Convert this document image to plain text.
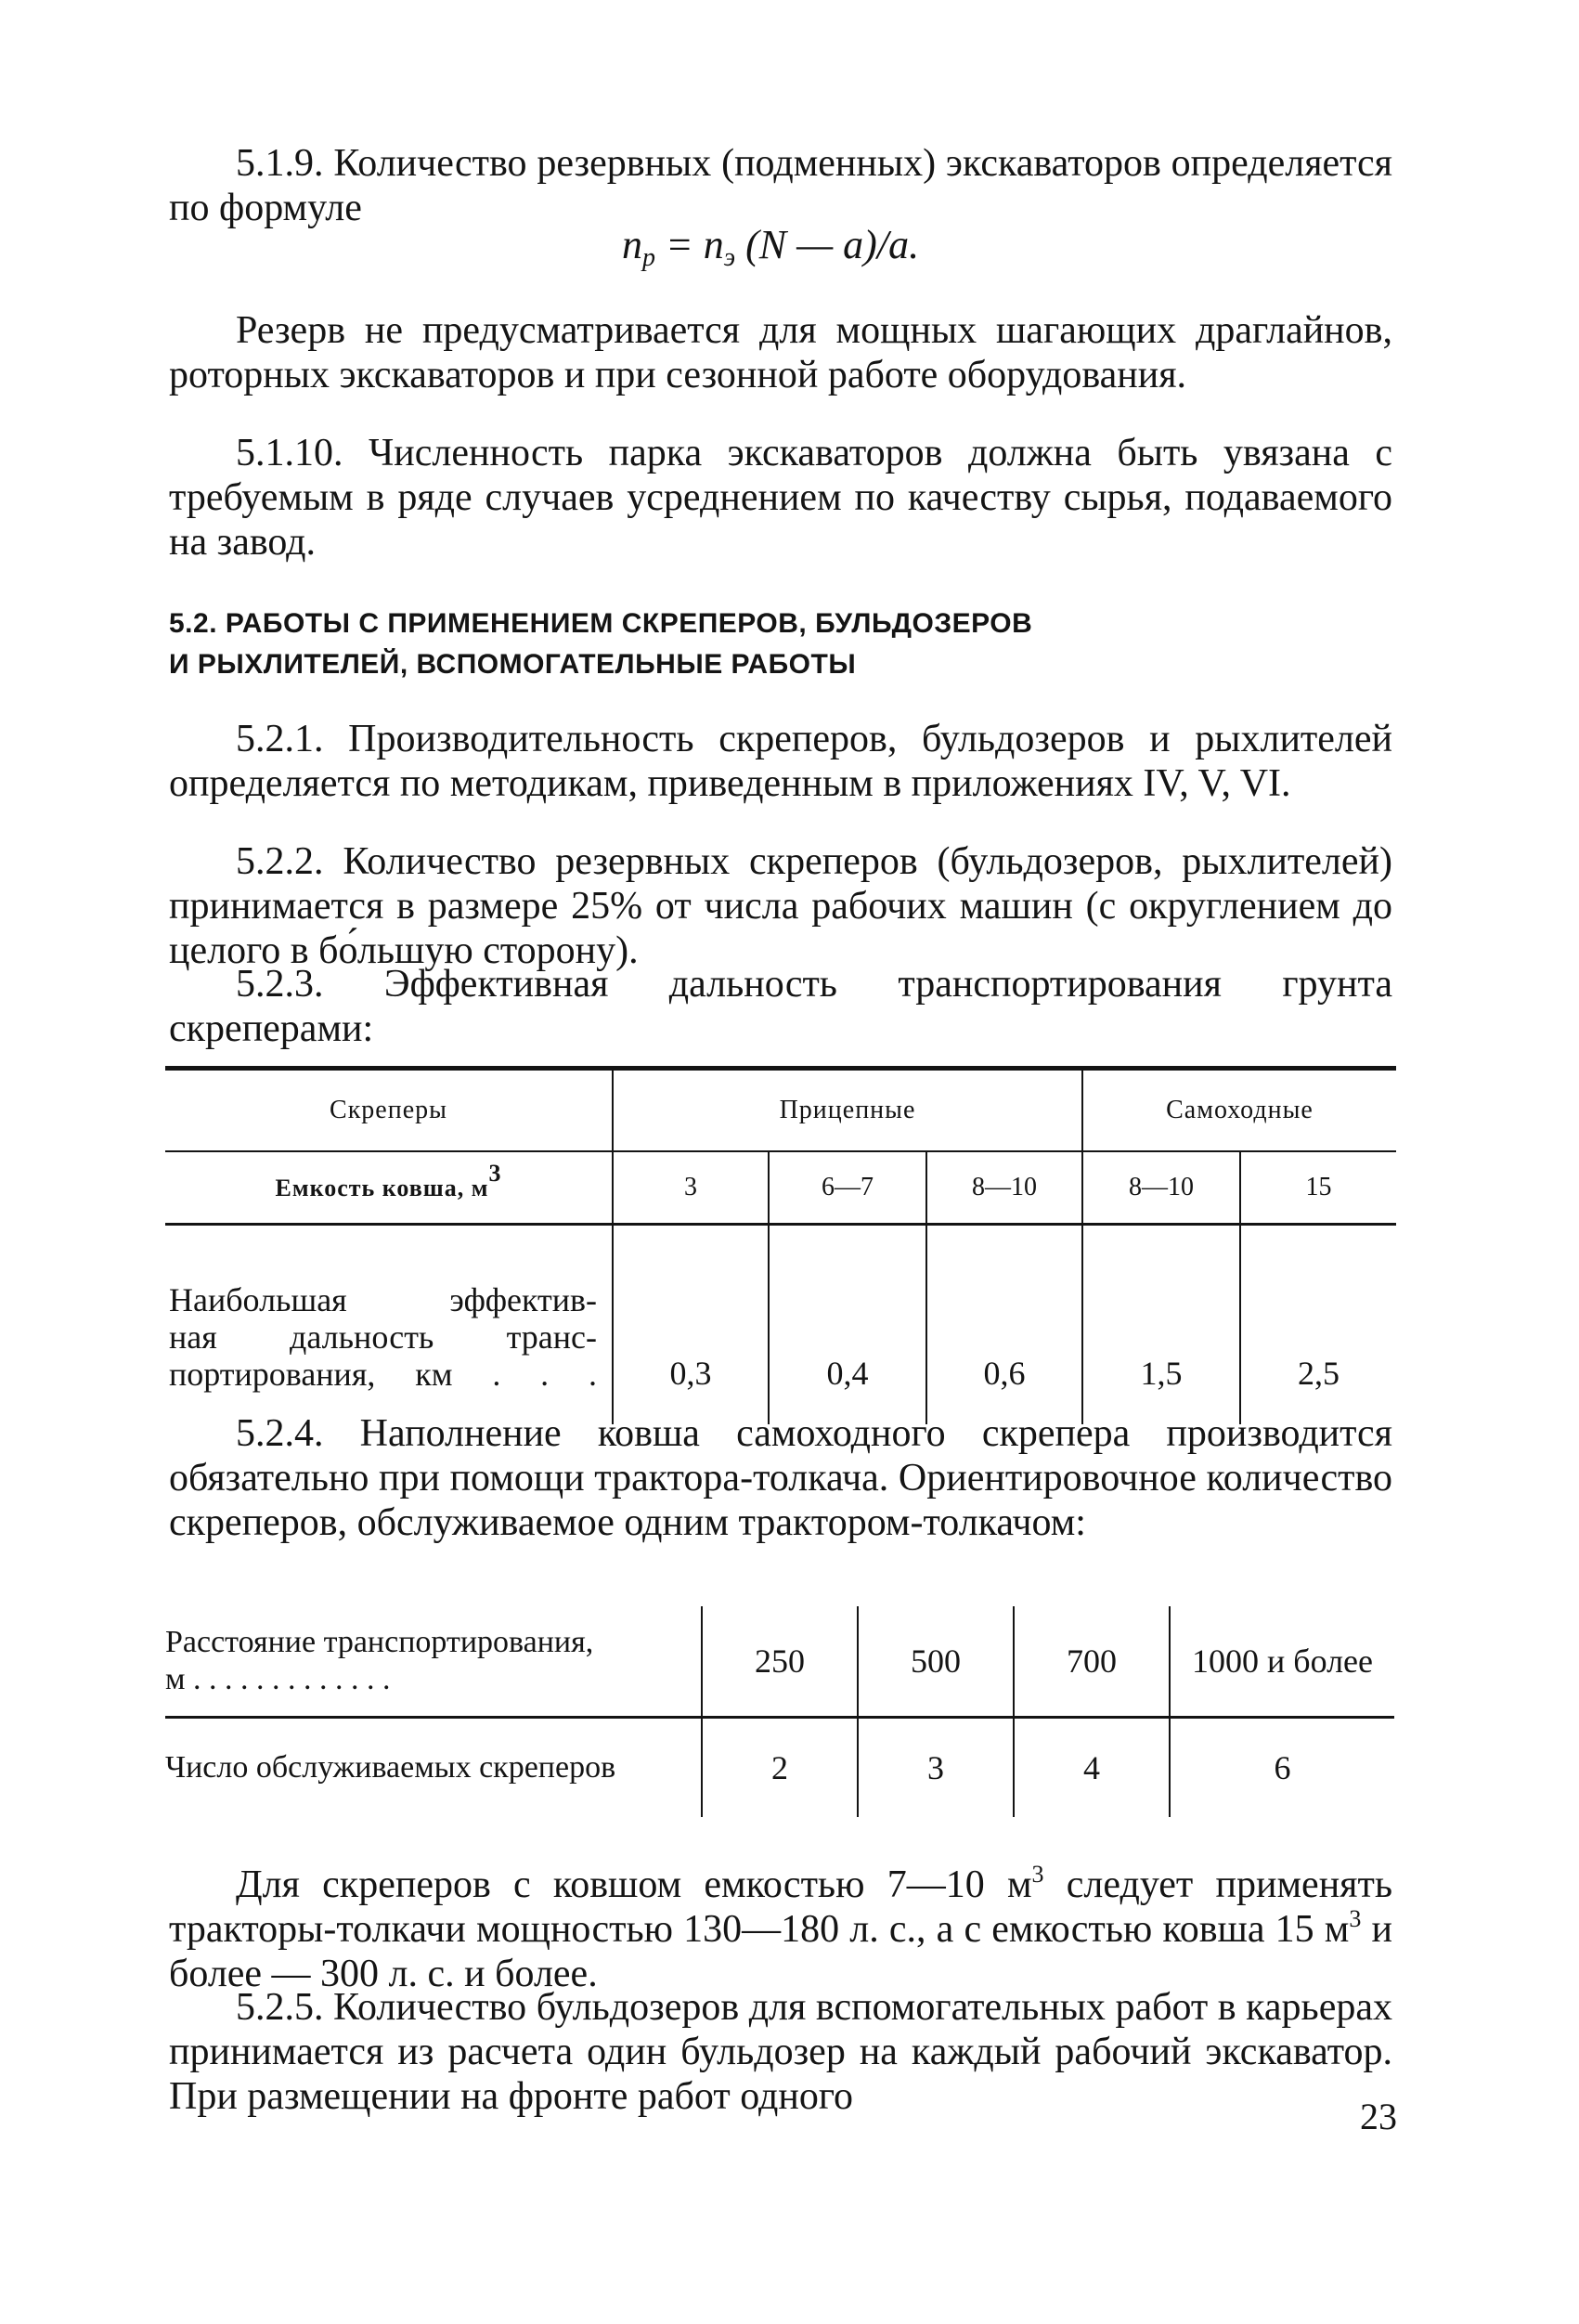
5.1.9. Количество резервных (подменных) экскаваторов определяется по формуле

$n_р = n_э$ (N — a)/a.

Резерв не предусматривается для мощных шагающих драглайнов, роторных экскаваторов и при сезонной работе оборудования.

5.1.10. Численность парка экскаваторов должна быть увязана с требуемым в ряде случаев усреднением по качеству сырья, подаваемого на завод.

5.2. РАБОТЫ С ПРИМЕНЕНИЕМ СКРЕПЕРОВ, БУЛЬДОЗЕРОВ
И РЫХЛИТЕЛЕЙ, ВСПОМОГАТЕЛЬНЫЕ РАБОТЫ

5.2.1. Производительность скреперов, бульдозеров и рыхлителей определяется по методикам, приведенным в приложениях IV, V, VI.

5.2.2. Количество резервных скреперов (бульдозеров, рыхлителей) принимается в размере 25% от числа рабочих машин (с округлением до целого в бо́льшую сторону).

5.2.3. Эффективная дальность транспортирования грунта скреперами:

Скреперы	Прицепные			Самоходные	
Емкость ковша, $м^3$	3	6—7	8—10	8—10	15

Наибольшая эффектив-
ная дальность транс-
портирования, км . . .	0,3	0,4	0,6	1,5	2,5

5.2.4. Наполнение ковша самоходного скрепера производится обязательно при помощи трактора-толкача. Ориентировочное количество скреперов, обслуживаемое одним трактором-толкачом:

Расстояние транспортирования,
м . . . . . . . . . . . . .	250	500	700	1000 и более
Число обслуживаемых скреперов	2	3	4	6

Для скреперов с ковшом емкостью 7—10 $м^3$ следует применять тракторы-толкачи мощностью 130—180 л. с., а с емкостью ковша 15 $м^3$ и более — 300 л. с. и более.

5.2.5. Количество бульдозеров для вспомогательных работ в карьерах принимается из расчета один бульдозер на каждый рабочий экскаватор. При размещении на фронте работ одного	23
